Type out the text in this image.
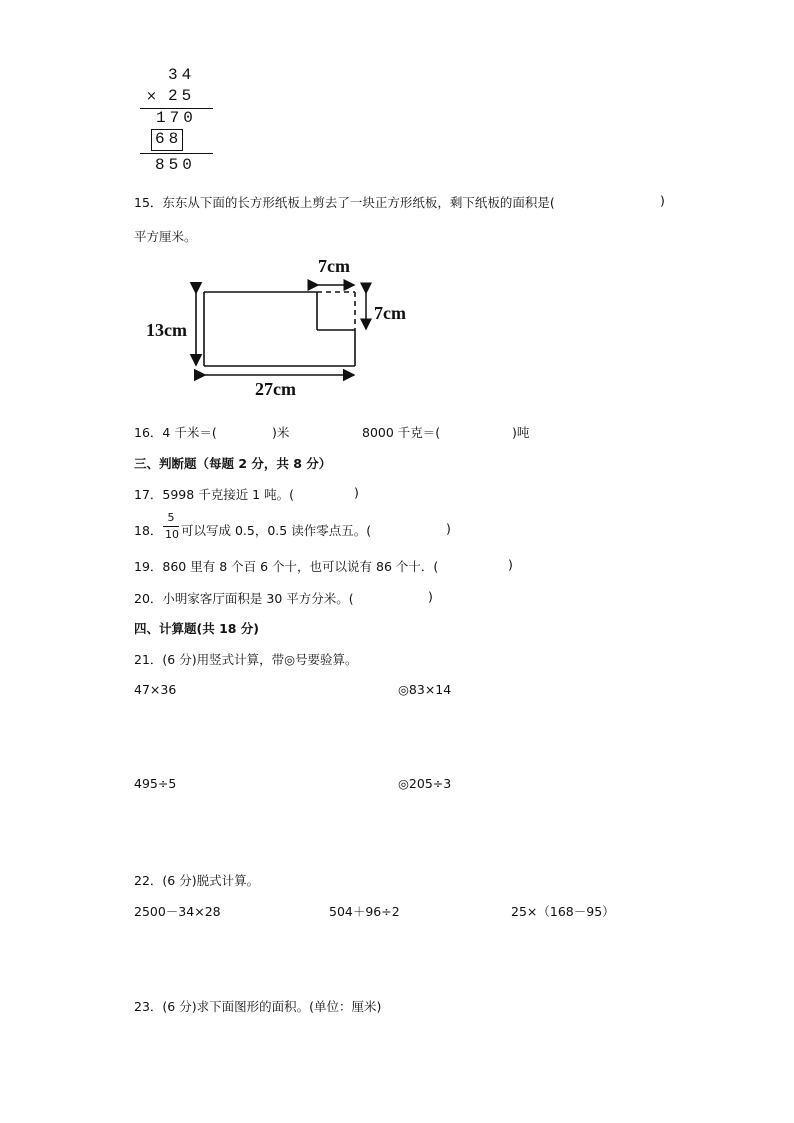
34
× 25
170
68
850
15．东东从下面的长方形纸板上剪去了一块正方形纸板，剩下纸板的面积是(	)
平方厘米。
7cm
7cm
13cm
27cm
16．4 千米＝(	)米	8000 千克＝(	)吨
三、判断题（每题 2 分，共 8 分）
17．5998 千克接近 1 吨。(	)
18．
5
10 可以写成 0.5，0.5 读作零点五。(	)
19．860 里有 8 个百 6 个十，也可以说有 86 个十．(	)
20．小明家客厅面积是 30 平方分米。(	)
四、计算题(共 18 分)
21．(6 分)用竖式计算，带◎号要验算。
47×36	◎83×14
495÷5	◎205÷3
22．(6 分)脱式计算。
2500－34×28	504＋96÷2	25×（168－95）
23．(6 分)求下面图形的面积。(单位：厘米)
